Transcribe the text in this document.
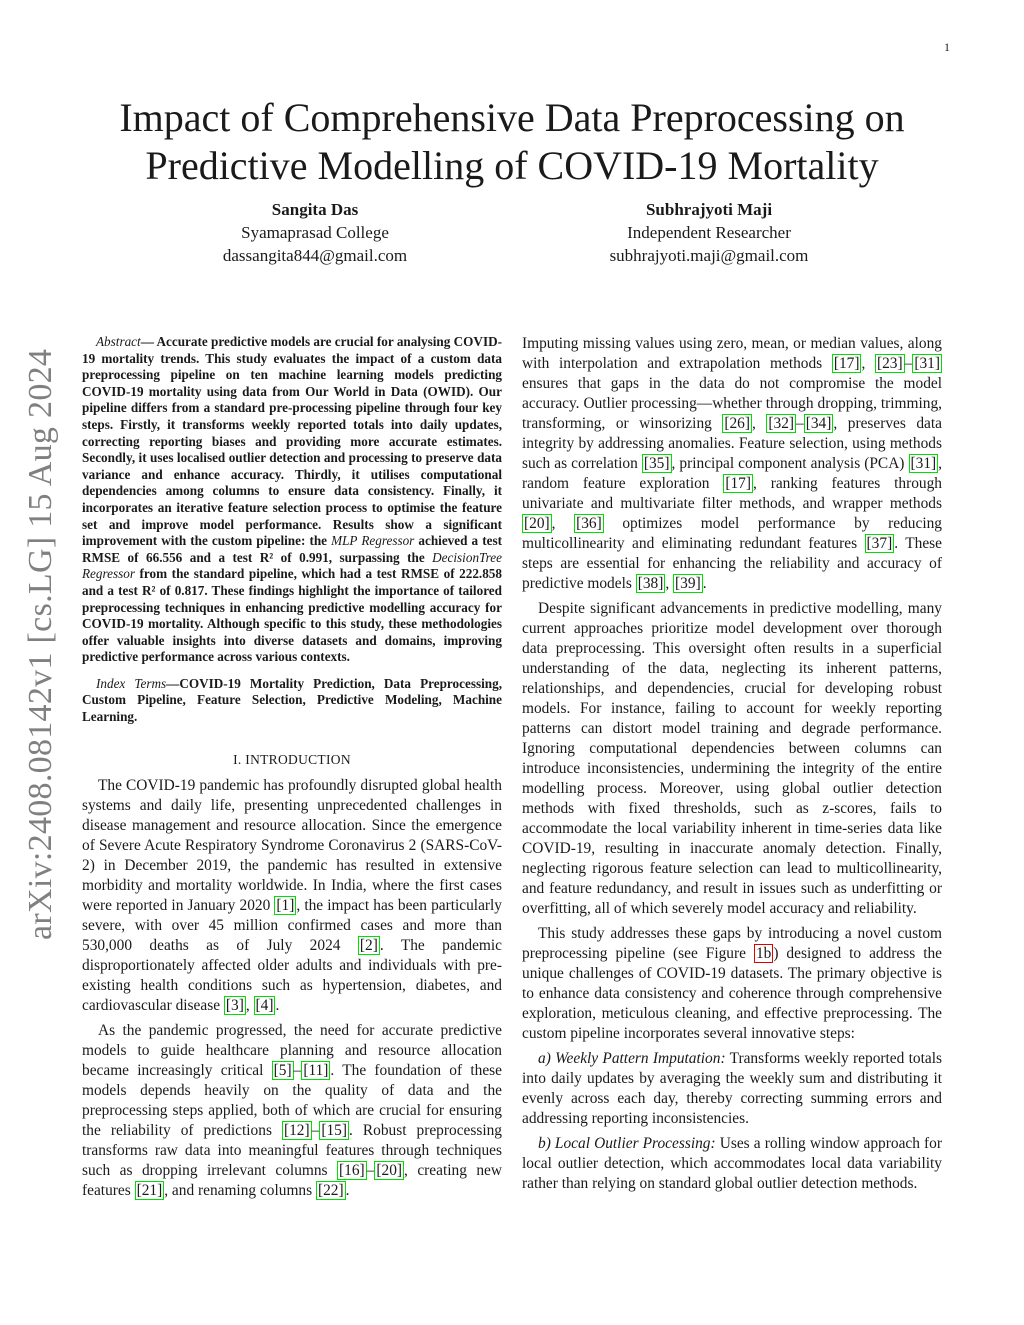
1
arXiv:2408.08142v1 [cs.LG] 15 Aug 2024
Impact of Comprehensive Data Preprocessing on Predictive Modelling of COVID-19 Mortality
Sangita Das
Syamaprasad College
dassangita844@gmail.com
Subhrajyoti Maji
Independent Researcher
subhrajyoti.maji@gmail.com

Abstract— Accurate predictive models are crucial for analysing COVID-19 mortality trends. This study evaluates the impact of a custom data preprocessing pipeline on ten machine learning models predicting COVID-19 mortality using data from Our World in Data (OWID). Our pipeline differs from a standard pre-processing pipeline through four key steps. Firstly, it transforms weekly reported totals into daily updates, correcting reporting biases and providing more accurate estimates. Secondly, it uses localised outlier detection and processing to preserve data variance and enhance accuracy. Thirdly, it utilises computational dependencies among columns to ensure data consistency. Finally, it incorporates an iterative feature selection process to optimise the feature set and improve model performance. Results show a significant improvement with the custom pipeline: the MLP Regressor achieved a test RMSE of 66.556 and a test R² of 0.991, surpassing the DecisionTree Regressor from the standard pipeline, which had a test RMSE of 222.858 and a test R² of 0.817. These findings highlight the importance of tailored preprocessing techniques in enhancing predictive modelling accuracy for COVID-19 mortality. Although specific to this study, these methodologies offer valuable insights into diverse datasets and domains, improving predictive performance across various contexts.

Index Terms—COVID-19 Mortality Prediction, Data Preprocessing, Custom Pipeline, Feature Selection, Predictive Modeling, Machine Learning.

I. INTRODUCTION

The COVID-19 pandemic has profoundly disrupted global health systems and daily life, presenting unprecedented challenges in disease management and resource allocation. Since the emergence of Severe Acute Respiratory Syndrome Coronavirus 2 (SARS-CoV-2) in December 2019, the pandemic has resulted in extensive morbidity and mortality worldwide. In India, where the first cases were reported in January 2020 [1] , the impact has been particularly severe, with over 45 million confirmed cases and more than 530,000 deaths as of July 2024 [2] . The pandemic disproportionately affected older adults and individuals with pre-existing health conditions such as hypertension, diabetes, and cardiovascular disease [3] , [4] .

As the pandemic progressed, the need for accurate predictive models to guide healthcare planning and resource allocation became increasingly critical [5] – [11] . The foundation of these models depends heavily on the quality of data and the preprocessing steps applied, both of which are crucial for ensuring the reliability of predictions [12] – [15] . Robust preprocessing transforms raw data into meaningful features through techniques such as dropping irrelevant columns [16] – [20] , creating new features [21] , and renaming columns [22] .

Imputing missing values using zero, mean, or median values, along with interpolation and extrapolation methods [17] , [23] – [31] ensures that gaps in the data do not compromise the model accuracy. Outlier processing—whether through dropping, trimming, transforming, or winsorizing [26] , [32] – [34] , preserves data integrity by addressing anomalies. Feature selection, using methods such as correlation [35] , principal component analysis (PCA) [31] , random feature exploration [17] , ranking features through univariate and multivariate filter methods, and wrapper methods [20] , [36] optimizes model performance by reducing multicollinearity and eliminating redundant features [37] . These steps are essential for enhancing the reliability and accuracy of predictive models [38] , [39] .

Despite significant advancements in predictive modelling, many current approaches prioritize model development over thorough data preprocessing. This oversight often results in a superficial understanding of the data, neglecting its inherent patterns, relationships, and dependencies, crucial for developing robust models. For instance, failing to account for weekly reporting patterns can distort model training and degrade performance. Ignoring computational dependencies between columns can introduce inconsistencies, undermining the integrity of the entire modelling process. Moreover, using global outlier detection methods with fixed thresholds, such as z-scores, fails to accommodate the local variability inherent in time-series data like COVID-19, resulting in inaccurate anomaly detection. Finally, neglecting rigorous feature selection can lead to multicollinearity, and feature redundancy, and result in issues such as underfitting or overfitting, all of which severely model accuracy and reliability.

This study addresses these gaps by introducing a novel custom preprocessing pipeline (see Figure 1b ) designed to address the unique challenges of COVID-19 datasets. The primary objective is to enhance data consistency and coherence through comprehensive exploration, meticulous cleaning, and effective preprocessing. The custom pipeline incorporates several innovative steps:

a) Weekly Pattern Imputation: Transforms weekly reported totals into daily updates by averaging the weekly sum and distributing it evenly across each day, thereby correcting summing errors and addressing reporting inconsistencies.

b) Local Outlier Processing: Uses a rolling window approach for local outlier detection, which accommodates local data variability rather than relying on standard global outlier detection methods.
